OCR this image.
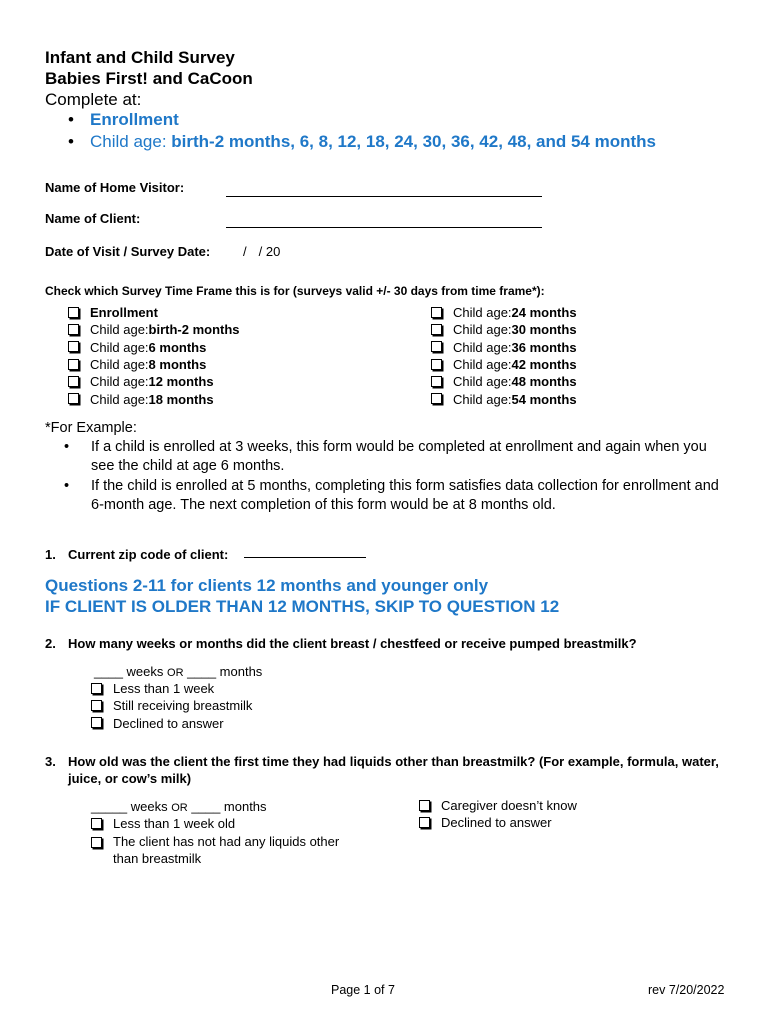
Infant and Child Survey
Babies First! and CaCoon
Complete at:
• Enrollment
• Child age: birth-2 months, 6, 8, 12, 18, 24, 30, 36, 42, 48, and 54 months
Name of Home Visitor:
Name of Client:
Date of Visit / Survey Date:	/ / 20
Check which Survey Time Frame this is for (surveys valid +/- 30 days from time frame*):
Enrollment
Child age: birth-2 months
Child age: 6 months
Child age: 8 months
Child age: 12 months
Child age: 18 months
Child age: 24 months
Child age: 30 months
Child age: 36 months
Child age: 42 months
Child age: 48 months
Child age: 54 months
*For Example:
•	If a child is enrolled at 3 weeks, this form would be completed at enrollment and again when you see the child at age 6 months.
•	If the child is enrolled at 5 months, completing this form satisfies data collection for enrollment and 6-month age. The next completion of this form would be at 8 months old.
1. Current zip code of client:
Questions 2-11 for clients 12 months and younger only
IF CLIENT IS OLDER THAN 12 MONTHS, SKIP TO QUESTION 12
2. How many weeks or months did the client breast / chestfeed or receive pumped breastmilk?
____ weeks OR ____ months
Less than 1 week
Still receiving breastmilk
Declined to answer
3. How old was the client the first time they had liquids other than breastmilk? (For example, formula, water, juice, or cow’s milk)
_____ weeks OR ____ months
Less than 1 week old
The client has not had any liquids other than breastmilk
Caregiver doesn’t know
Declined to answer
Page 1 of 7	rev 7/20/2022
